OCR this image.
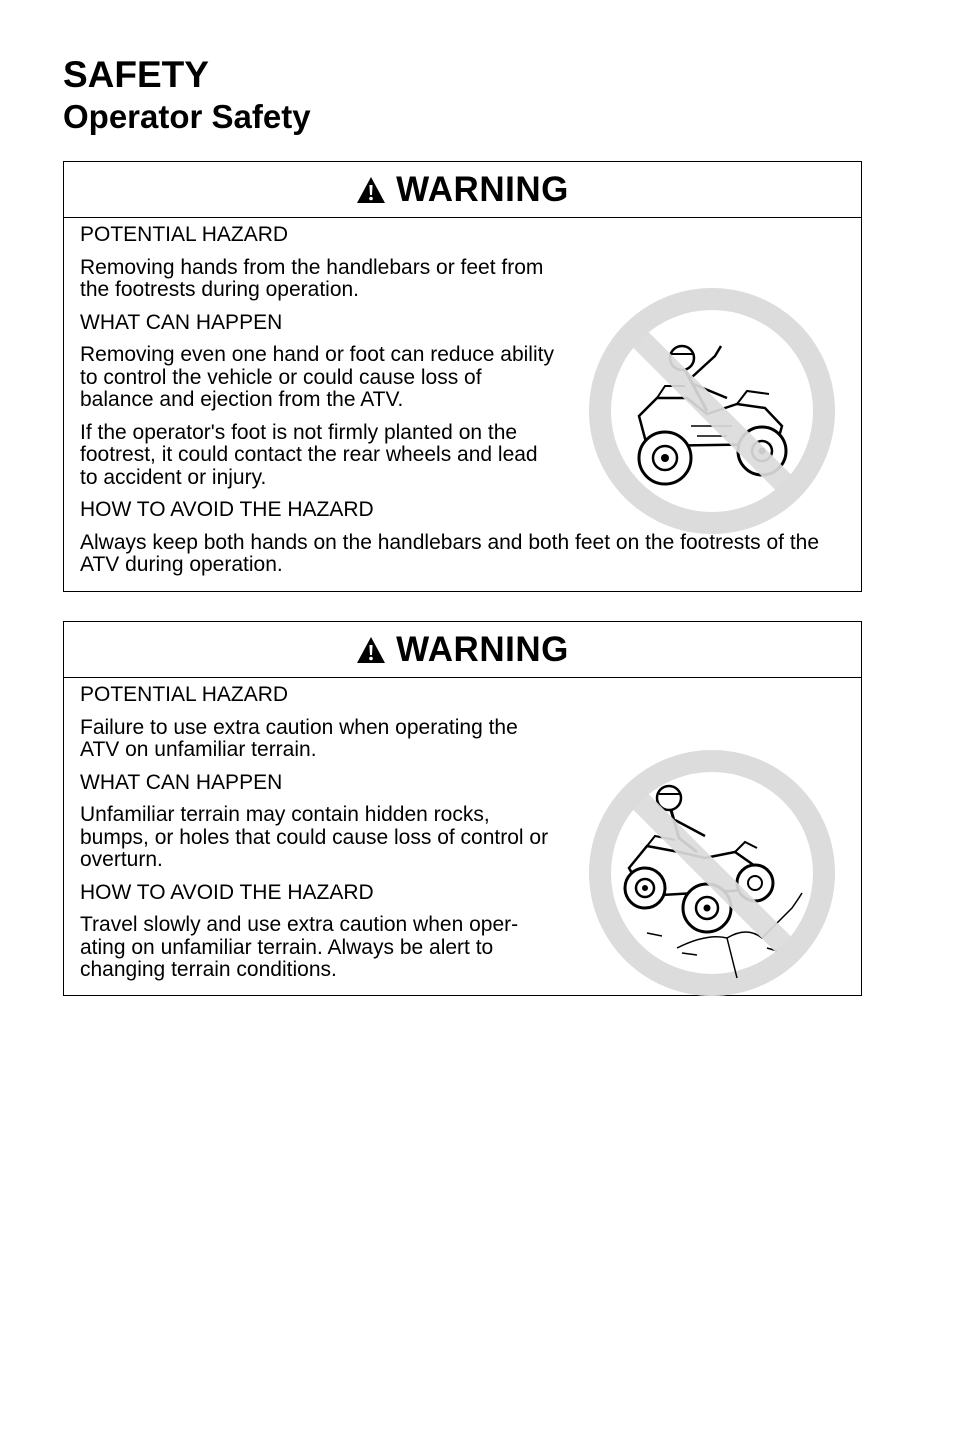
SAFETY
Operator Safety
WARNING

POTENTIAL HAZARD

Removing hands from the handlebars or feet from the footrests during operation.

WHAT CAN HAPPEN

Removing even one hand or foot can reduce ability to control the vehicle or could cause loss of balance and ejection from the ATV.

If the operator's foot is not firmly planted on the footrest, it could contact the rear wheels and lead to accident or injury.

HOW TO AVOID THE HAZARD

Always keep both hands on the handlebars and both feet on the footrests of the ATV during operation.

WARNING

POTENTIAL HAZARD

Failure to use extra caution when operating the ATV on unfamiliar terrain.

WHAT CAN HAPPEN

Unfamiliar terrain may contain hidden rocks, bumps, or holes that could cause loss of control or overturn.

HOW TO AVOID THE HAZARD

Travel slowly and use extra caution when oper-ating on unfamiliar terrain. Always be alert to changing terrain conditions.
